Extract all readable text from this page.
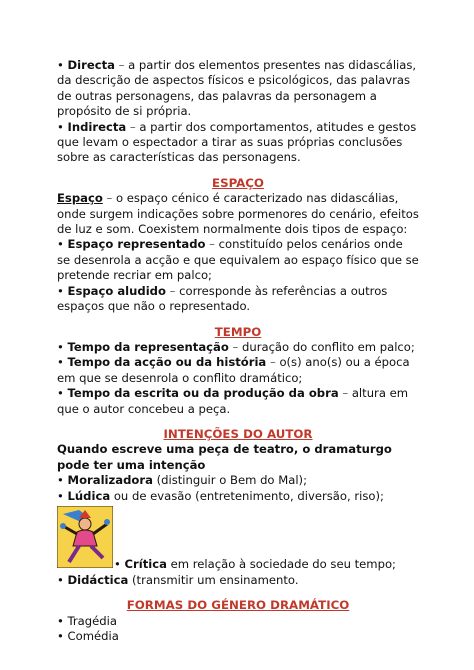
• Directa – a partir dos elementos presentes nas didascálias, da descrição de aspectos físicos e psicológicos, das palavras de outras personagens, das palavras da personagem a propósito de si própria.

• Indirecta – a partir dos comportamentos, atitudes e gestos que levam o espectador a tirar as suas próprias conclusões sobre as características das personagens.

ESPAÇO

Espaço – o espaço cénico é caracterizado nas didascálias, onde surgem indicações sobre pormenores do cenário, efeitos de luz e som. Coexistem normalmente dois tipos de espaço:

• Espaço representado – constituído pelos cenários onde se desenrola a acção e que equivalem ao espaço físico que se pretende recriar em palco;

• Espaço aludido – corresponde às referências a outros espaços que não o representado.

TEMPO

• Tempo da representação – duração do conflito em palco;

• Tempo da acção ou da história – o(s) ano(s) ou a época em que se desenrola o conflito dramático;

• Tempo da escrita ou da produção da obra – altura em que o autor concebeu a peça.

INTENÇÕES DO AUTOR

Quando escreve uma peça de teatro, o dramaturgo pode ter uma intenção

• Moralizadora (distinguir o Bem do Mal);

• Lúdica ou de evasão (entretenimento, diversão, riso);

• Crítica em relação à sociedade do seu tempo;

• Didáctica (transmitir um ensinamento.

FORMAS DO GÉNERO DRAMÁTICO

• Tragédia

• Comédia
